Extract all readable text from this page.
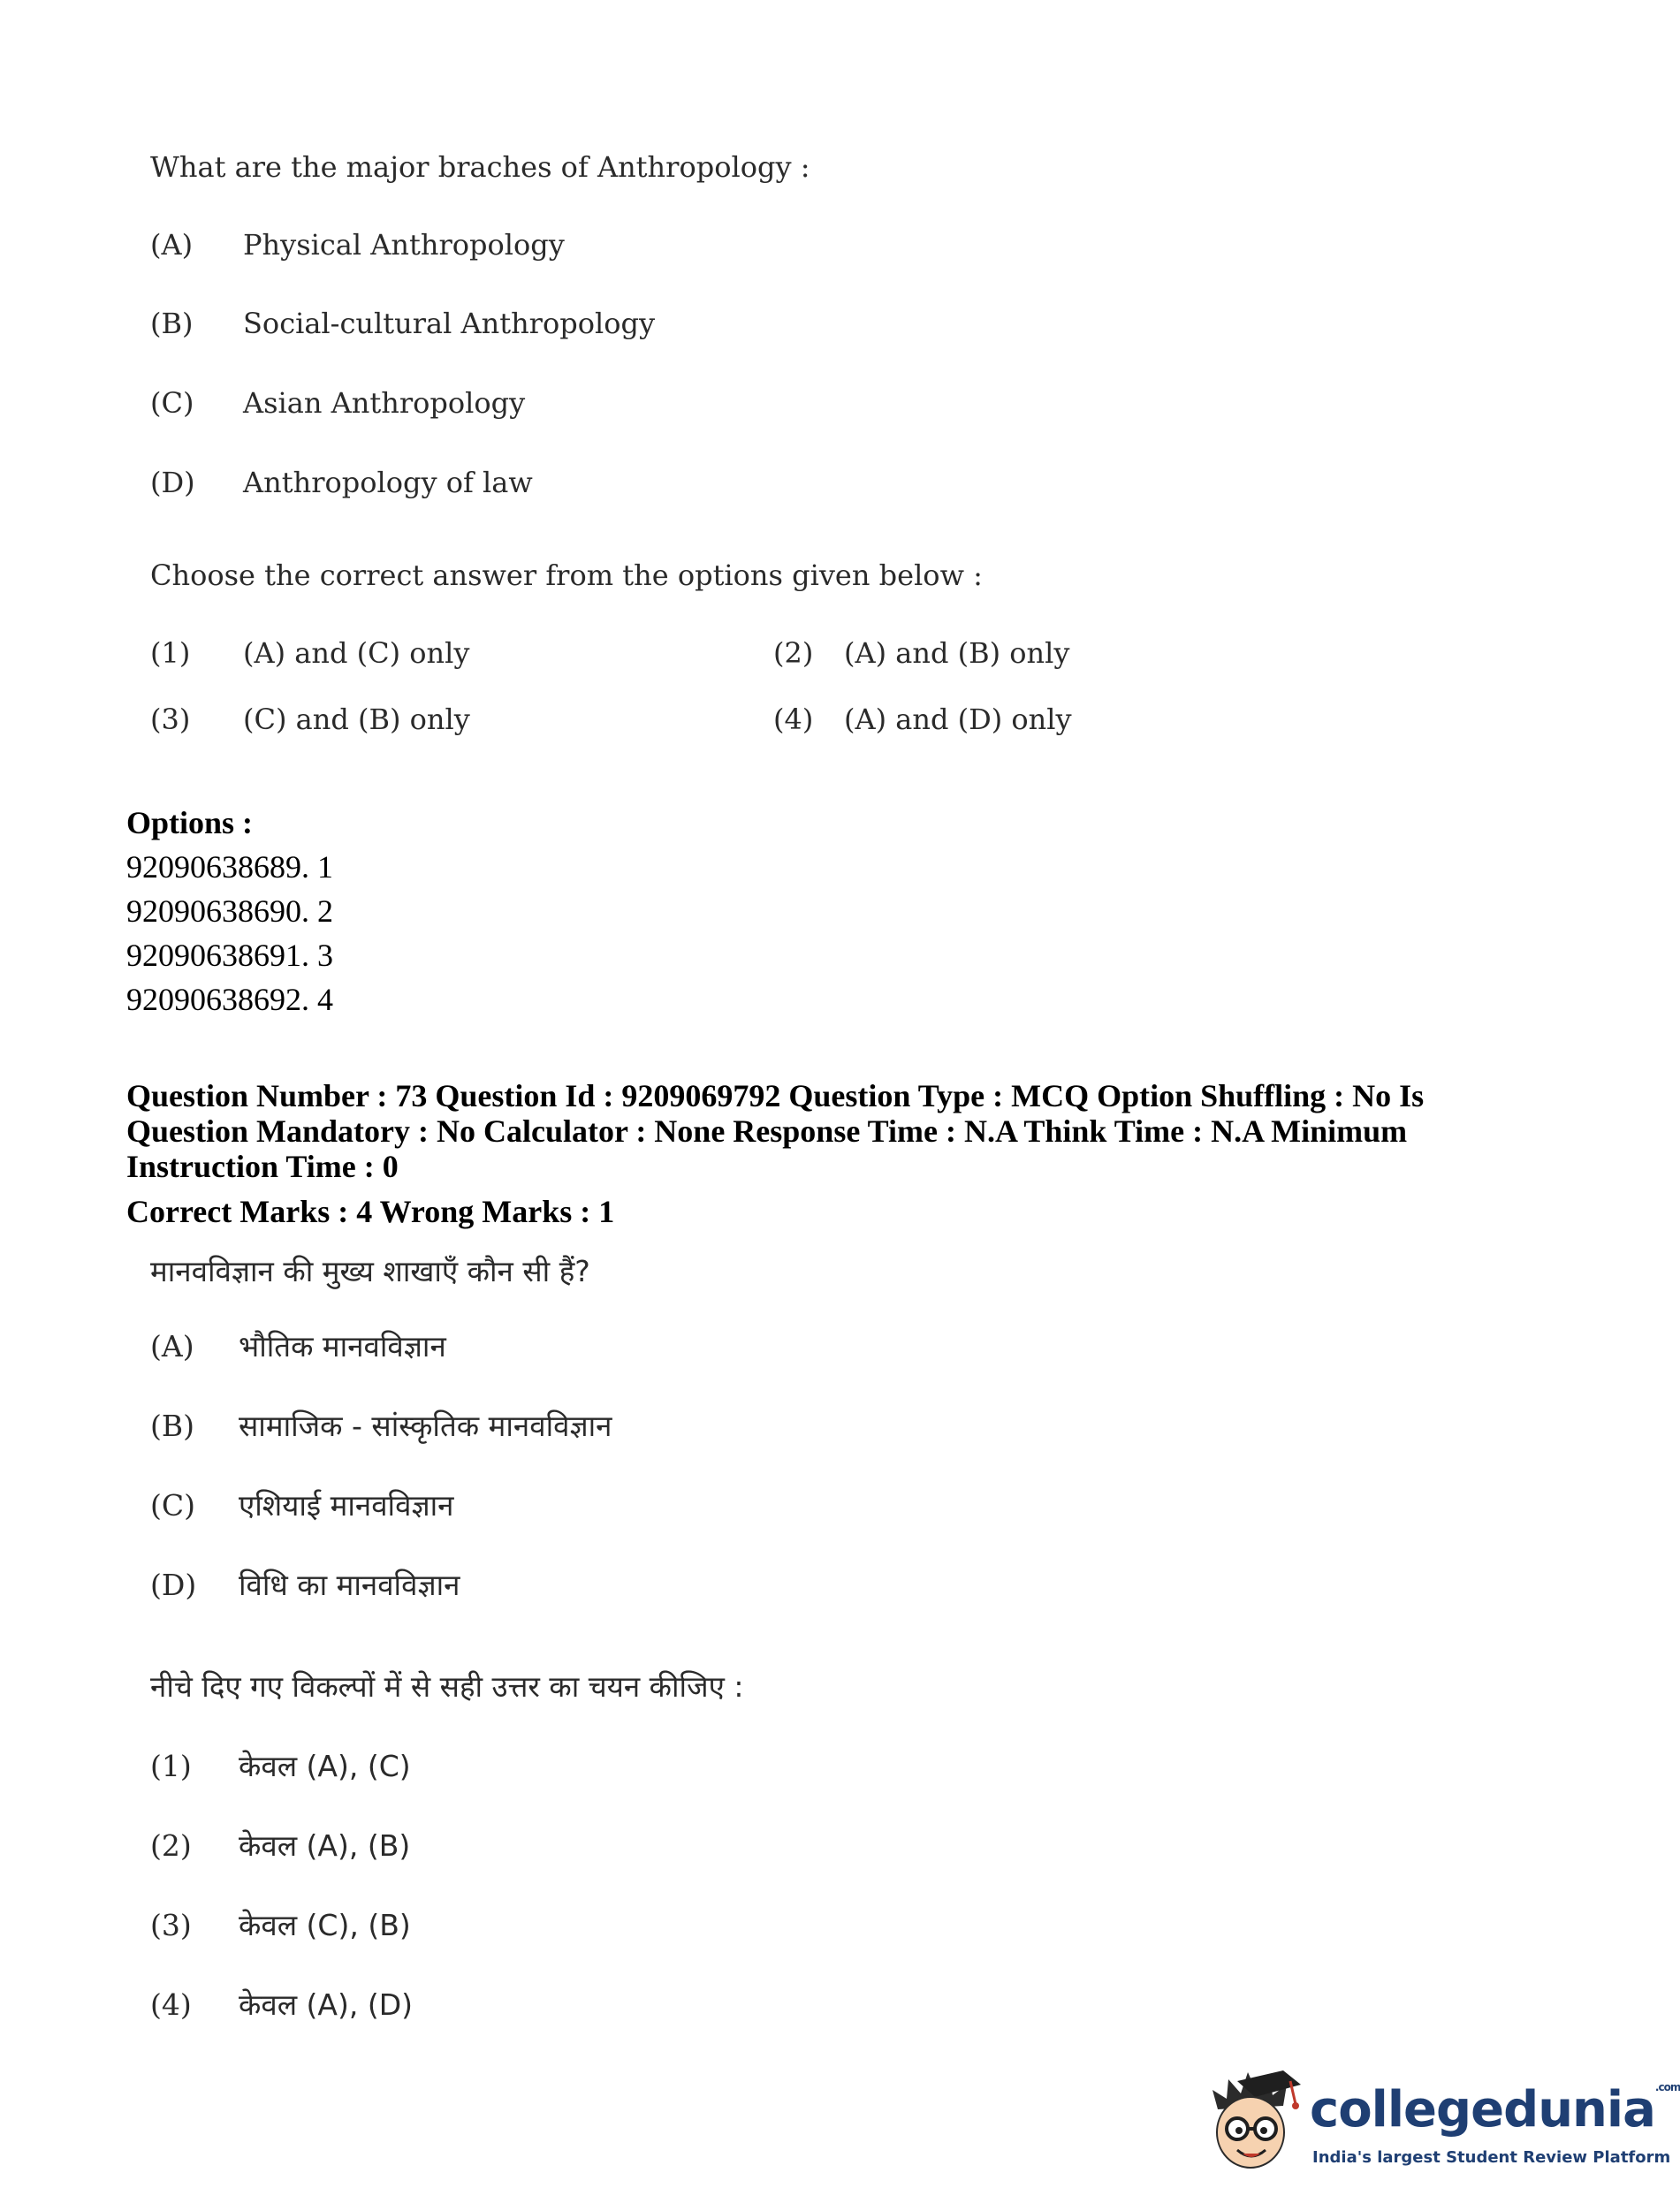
What are the major braches of Anthropology :
(A) Physical Anthropology
(B) Social-cultural Anthropology
(C) Asian Anthropology
(D) Anthropology of law
Choose the correct answer from the options given below :
(1) (A) and (C) only	(2) (A) and (B) only
(3) (C) and (B) only	(4) (A) and (D) only
Options :
92090638689. 1
92090638690. 2
92090638691. 3
92090638692. 4
Question Number : 73 Question Id : 9209069792 Question Type : MCQ Option Shuffling : No Is Question Mandatory : No Calculator : None Response Time : N.A Think Time : N.A Minimum Instruction Time : 0
Correct Marks : 4 Wrong Marks : 1
मानवविज्ञान की मुख्य शाखाएँ कौन सी हैं?
(A) भौतिक मानवविज्ञान
(B) सामाजिक - सांस्कृतिक मानवविज्ञान
(C) एशियाई मानवविज्ञान
(D) विधि का मानवविज्ञान
नीचे दिए गए विकल्पों में से सही उत्तर का चयन कीजिए :
(1) केवल (A), (C)
(2) केवल (A), (B)
(3) केवल (C), (B)
(4) केवल (A), (D)
collegedunia$^{.com}$
India's largest Student Review Platform
